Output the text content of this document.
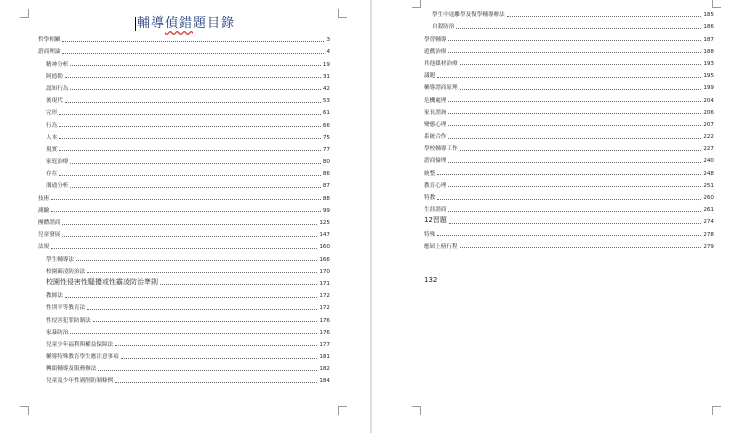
輔導偵錯題目錄
哲學相關	3
諮商理論	4
精神分析	19
阿德勒	31
認知行為	42
後現代	53
完形	61
行為	66
人本	75
現實	77
家庭治療	80
存在	86
溝通分析	87
技術	88
測驗	99
團體諮商	125
兒童發展	147
法規	160
學生輔導法	166
校園霸凌防治法	170
校園性侵害性騷擾或性霸凌防治準則	171
教師法	172
性別平等教育法	172
性侵害犯罪防制法	176
家暴防治	176
兒童少年福利與權益保障法	177
輔導特殊教育學生應注意事項	181
轉銜輔導及服務辦法	182
兒童及少年性剝削防制條例	184
學生中途離學及復學輔導辦法	185
自殺防治	186
學習輔導	187
遊戲治療	188
其他媒材治療	193
議題	195
輔導諮商原理	199
危機處理	204
家長諮詢	206
變態心理	207
系統合作	222
學校輔導工作	227
諮商倫理	240
統整	248
教育心理	251
特教	260
生涯諮商	261
12習題	274
特殊	278
應屆上榜行程	279
132
